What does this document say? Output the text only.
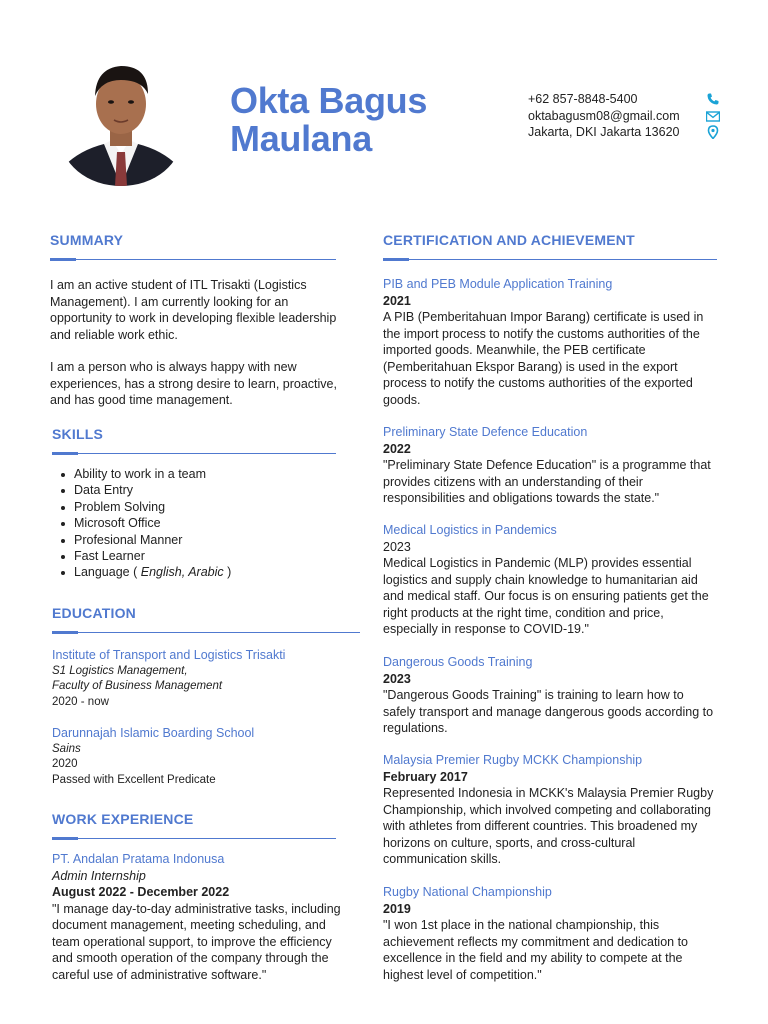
Okta Bagus
Maulana
+62 857-8848-5400
oktabagusm08@gmail.com
Jakarta, DKI Jakarta 13620
SUMMARY
I am an active student of ITL Trisakti (Logistics Management). I am currently looking for an opportunity to work in developing flexible leadership and reliable work ethic.
I am a person who is always happy with new experiences, has a strong desire to learn, proactive, and has good time management.
SKILLS
Ability to work in a team
Data Entry
Problem Solving
Microsoft Office
Profesional Manner
Fast Learner
Language ( English, Arabic )
EDUCATION
Institute of Transport and Logistics Trisakti
S1 Logistics Management,
Faculty of Business Management
2020 - now
Darunnajah Islamic Boarding School
Sains
2020
Passed with Excellent Predicate
WORK EXPERIENCE
PT. Andalan Pratama Indonusa
Admin Internship
August 2022 - December 2022
"I manage day-to-day administrative tasks, including document management, meeting scheduling, and team operational support, to improve the efficiency and smooth operation of the company through the careful use of administrative software."
CERTIFICATION AND ACHIEVEMENT
PIB and PEB Module Application Training
2021
A PIB (Pemberitahuan Impor Barang) certificate is used in the import process to notify the customs authorities of the imported goods. Meanwhile, the PEB certificate (Pemberitahuan Ekspor Barang) is used in the export process to notify the customs authorities of the exported goods.
Preliminary State Defence Education
2022
"Preliminary State Defence Education" is a programme that provides citizens with an understanding of their responsibilities and obligations towards the state."
Medical Logistics in Pandemics
2023
Medical Logistics in Pandemic (MLP) provides essential logistics and supply chain knowledge to humanitarian aid and medical staff. Our focus is on ensuring patients get the right products at the right time, condition and price, especially in response to COVID-19."
Dangerous Goods Training
2023
"Dangerous Goods Training" is training to learn how to safely transport and manage dangerous goods according to regulations.
Malaysia Premier Rugby MCKK Championship
February 2017
Represented Indonesia in MCKK's Malaysia Premier Rugby Championship, which involved competing and collaborating with athletes from different countries. This broadened my horizons on culture, sports, and cross-cultural communication skills.
Rugby National Championship
2019
"I won 1st place in the national championship, this achievement reflects my commitment and dedication to excellence in the field and my ability to compete at the highest level of competition."
